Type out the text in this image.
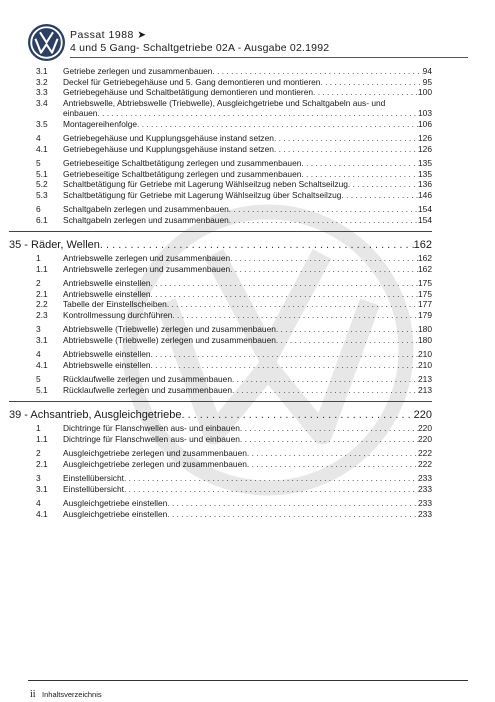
Passat 1988 ➤
4 und 5 Gang- Schaltgetriebe 02A - Ausgabe 02.1992
3.1	Getriebe zerlegen und zusammenbauen . . .	94
3.2	Deckel für Getriebegehäuse und 5. Gang demontieren und montieren . . .	95
3.3	Getriebegehäuse und Schaltbetätigung demontieren und montieren . . .	100
3.4	Antriebswelle, Abtriebswelle (Triebwelle), Ausgleichgetriebe und Schaltgabeln aus- und
einbauen . . .	103
3.5	Montagereihenfolge . . .	106
4	Getriebegehäuse und Kupplungsgehäuse instand setzen . . .	126
4.1	Getriebegehäuse und Kupplungsgehäuse instand setzen . . .	126
5	Getriebeseitige Schaltbetätigung zerlegen und zusammenbauen . . .	135
5.1	Getriebeseitige Schaltbetätigung zerlegen und zusammenbauen . . .	135
5.2	Schaltbetätigung für Getriebe mit Lagerung Wählseilzug neben Schaltseilzug . . .	136
5.3	Schaltbetätigung für Getriebe mit Lagerung Wählseilzug über Schaltseilzug . . .	146
6	Schaltgabeln zerlegen und zusammenbauen . . .	154
6.1	Schaltgabeln zerlegen und zusammenbauen . . .	154
35 - Räder, Wellen . . .	162
1	Antriebswelle zerlegen und zusammenbauen . . .	162
1.1	Antriebswelle zerlegen und zusammenbauen . . .	162
2	Antriebswelle einstellen . . .	175
2.1	Antriebswelle einstellen . . .	175
2.2	Tabelle der Einstellscheiben . . .	177
2.3	Kontrollmessung durchführen . . .	179
3	Abtriebswelle (Triebwelle) zerlegen und zusammenbauen . . .	180
3.1	Abtriebswelle (Triebwelle) zerlegen und zusammenbauen . . .	180
4	Abtriebswelle einstellen . . .	210
4.1	Abtriebswelle einstellen . . .	210
5	Rücklaufwelle zerlegen und zusammenbauen . . .	213
5.1	Rücklaufwelle zerlegen und zusammenbauen . . .	213
39 - Achsantrieb, Ausgleichgetriebe . . .	220
1	Dichtringe für Flanschwellen aus- und einbauen . . .	220
1.1	Dichtringe für Flanschwellen aus- und einbauen . . .	220
2	Ausgleichgetriebe zerlegen und zusammenbauen . . .	222
2.1	Ausgleichgetriebe zerlegen und zusammenbauen . . .	222
3	Einstellübersicht . . .	233
3.1	Einstellübersicht . . .	233
4	Ausgleichgetriebe einstellen . . .	233
4.1	Ausgleichgetriebe einstellen . . .	233
ii Inhaltsverzeichnis
